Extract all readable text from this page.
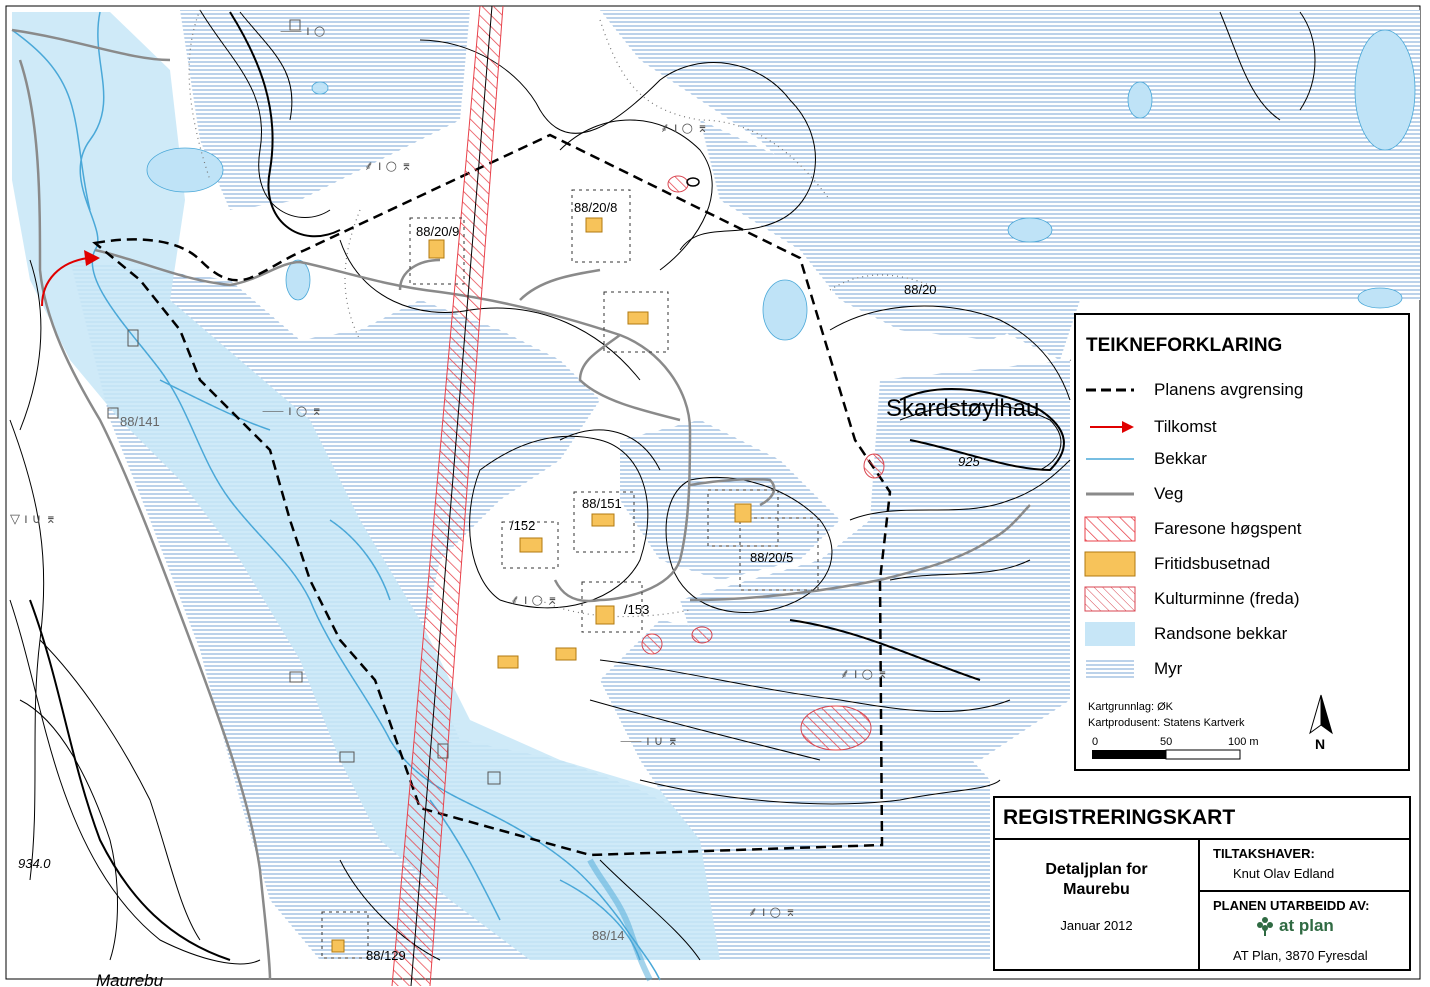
⸺ ı ○
⸙ ı ○ ⌆
⸙ ı ○ ⌆
⸺ ı ○ ⌆
▽ ı ∪ ⌆
⸙ ı ○ ⌆
⸙ ı ○ ⌆
⸺ ı ∪ ⌆
⸙ ı ○ ⌆
88/20/9
88/20/8
88/20
88/141
88/151
/152
88/20/5
/153
88/129
88/14
Skardstøylhau
925
934.0
Maurebu
TEIKNEFORKLARING
Planens avgrensing
Tilkomst
Bekkar
Veg
Faresone høgspent
Fritidsbusetnad
Kulturminne (freda)
Randsone bekkar
Myr
Kartgrunnlag: ØK
Kartprodusent: Statens Kartverk
0	50	100 m	N
REGISTRERINGSKART
Detaljplan for
Maurebu
Januar 2012
TILTAKSHAVER:
Knut Olav Edland
PLANEN UTARBEIDD AV:
at plan
AT Plan, 3870 Fyresdal
